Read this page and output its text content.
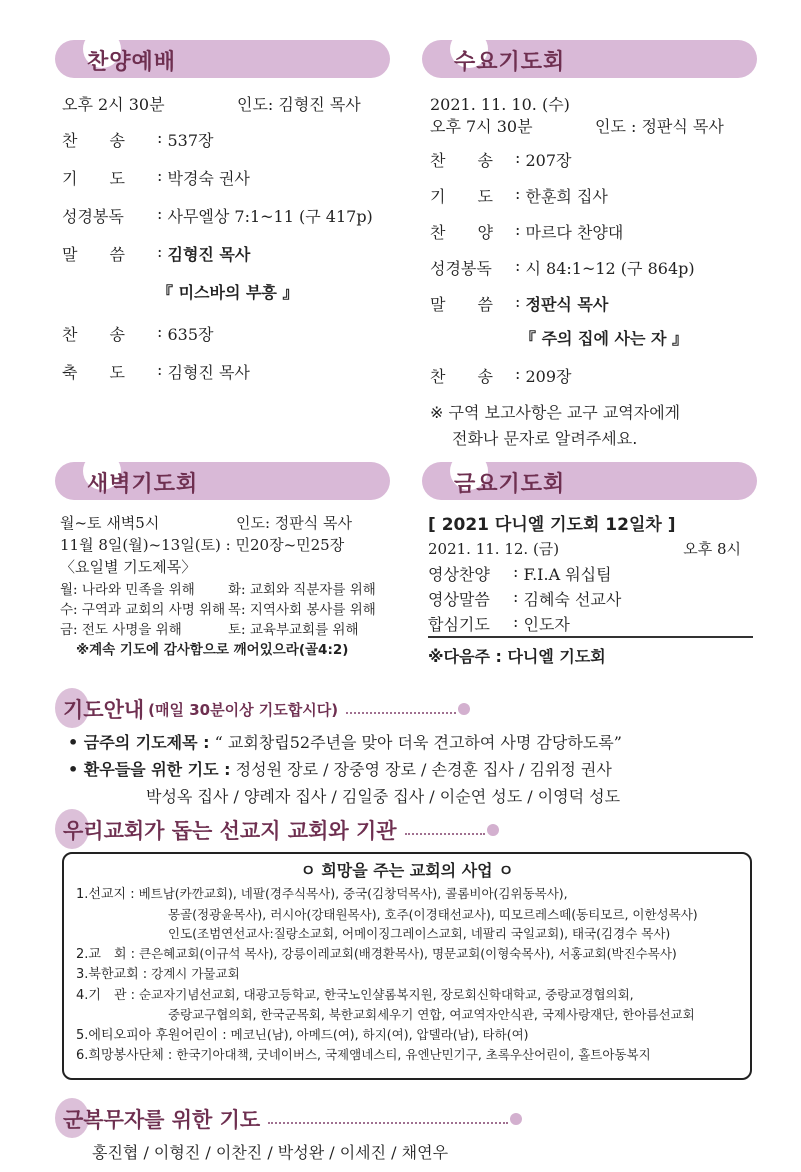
찬양예배
오후 2시 30분	인도: 김형진 목사
찬　　송	: 537장
기　　도	: 박경숙 권사
성경봉독	: 사무엘상 7:1~11 (구 417p)
말　　씀	: 김형진 목사
『 미스바의 부흥 』
찬　　송	: 635장
축　　도	: 김형진 목사
수요기도회
2021. 11. 10. (수)
오후 7시 30분	인도 : 정판식 목사
찬　　송	: 207장
기　　도	: 한훈희 집사
찬　　양	: 마르다 찬양대
성경봉독	: 시 84:1~12 (구 864p)
말　　씀	: 정판식 목사
『 주의 집에 사는 자 』
찬　　송	: 209장
※ 구역 보고사항은 교구 교역자에게
전화나 문자로 알려주세요.
새벽기도회
월~토 새벽5시	인도: 정판식 목사
11월 8일(월)~13일(토) : 민20장~민25장
〈요일별 기도제목〉
월: 나라와 민족을 위해	화: 교회와 직분자를 위해
수: 구역과 교회의 사명 위해 목: 지역사회 봉사를 위해
금: 전도 사명을 위해	토: 교육부교회를 위해
※계속 기도에 감사함으로 깨어있으라(골4:2)
금요기도회
[ 2021 다니엘 기도회 12일차 ]
2021. 11. 12. (금)	오후 8시
영상찬양	: F.I.A 워십팀
영상말씀	: 김혜숙 선교사
합심기도	: 인도자
※다음주 : 다니엘 기도회
기도안내 (매일 30분이상 기도합시다)
• 금주의 기도제목 :
“ 교회창립52주년을 맞아 더욱 견고하여 사명 감당하도록”
• 환우들을 위한 기도 :
정성원 장로 / 장중영 장로 / 손경훈 집사 / 김위정 권사
박성옥 집사 / 양례자 집사 / 김일중 집사 / 이순연 성도 / 이영덕 성도
우리교회가 돕는 선교지 교회와 기관
ㅇ 희망을 주는 교회의 사업 ㅇ
1.선교지 : 베트남(카깐교회), 네팔(경주식목사), 중국(김창덕목사), 콜롬비아(김위동목사),
몽골(정광윤목사), 러시아(강태원목사), 호주(이경태선교사), 띠모르레스떼(동티모르, 이한성목사)
인도(조범연선교사:질랑소교회, 어메이징그레이스교회, 네팔리 국일교회), 태국(김경수 목사)
2.교　회 : 큰은혜교회(이규석 목사), 강릉이레교회(배경환목사), 명문교회(이형숙목사), 서홍교회(박진수목사)
3.북한교회 : 강계시 가물교회
4.기　관 : 순교자기념선교회, 대광고등학교, 한국노인샬롬복지원, 장로회신학대학교, 중랑교경협의회,
중랑교구협의회, 한국군목회, 북한교회세우기 연합, 여교역자안식관, 국제사랑재단, 한아름선교회
5.에티오피아 후원어린이 : 메코닌(남), 아메드(여), 하지(여), 압델라(남), 타하(여)
6.희망봉사단체 : 한국기아대책, 굿네이버스, 국제앰네스티, 유엔난민기구, 초록우산어린이, 홀트아동복지
군복무자를 위한 기도
홍진협 / 이형진 / 이찬진 / 박성완 / 이세진 / 채연우
